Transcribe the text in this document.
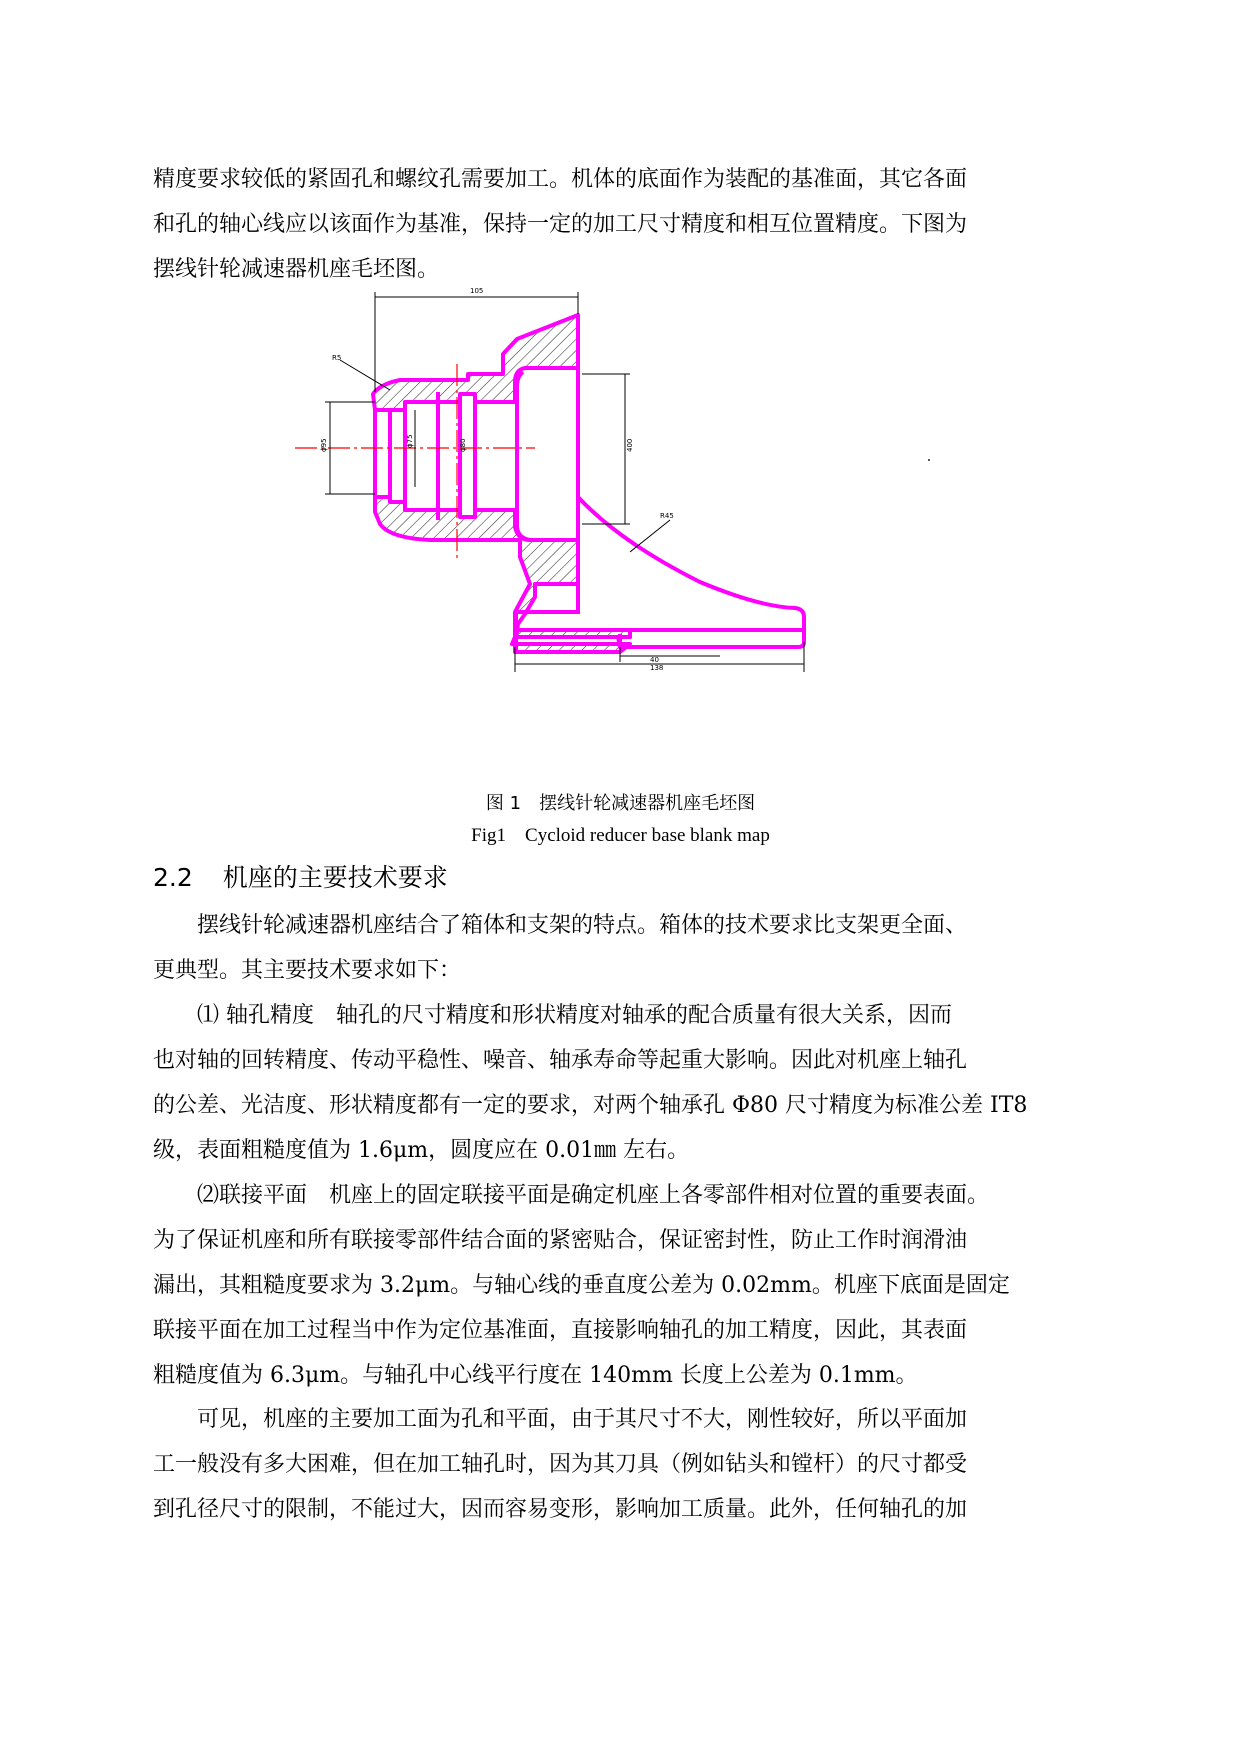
精度要求较低的紧固孔和螺纹孔需要加工。机体的底面作为装配的基准面，其它各面
和孔的轴心线应以该面作为基准，保持一定的加工尺寸精度和相互位置精度。下图为
摆线针轮减速器机座毛坯图。
105
40
138
400
ϕ80
ϕ95	ϕ75
R45
R5
图 1　摆线针轮减速器机座毛坯图
Fig1　Cycloid reducer base blank map
2.2 机座的主要技术要求
摆线针轮减速器机座结合了箱体和支架的特点。箱体的技术要求比支架更全面、
更典型。其主要技术要求如下：
⑴ 轴孔精度　轴孔的尺寸精度和形状精度对轴承的配合质量有很大关系，因而
也对轴的回转精度、传动平稳性、噪音、轴承寿命等起重大影响。因此对机座上轴孔
的公差、光洁度、形状精度都有一定的要求，对两个轴承孔 Φ80 尺寸精度为标准公差 IT8
级，表面粗糙度值为 1.6μm，圆度应在 0.01㎜ 左右。
⑵联接平面　机座上的固定联接平面是确定机座上各零部件相对位置的重要表面。
为了保证机座和所有联接零部件结合面的紧密贴合，保证密封性，防止工作时润滑油
漏出，其粗糙度要求为 3.2μm。与轴心线的垂直度公差为 0.02mm。机座下底面是固定
联接平面在加工过程当中作为定位基准面，直接影响轴孔的加工精度，因此，其表面
粗糙度值为 6.3μm。与轴孔中心线平行度在 140mm 长度上公差为 0.1mm。
可见，机座的主要加工面为孔和平面，由于其尺寸不大，刚性较好，所以平面加
工一般没有多大困难，但在加工轴孔时，因为其刀具（例如钻头和镗杆）的尺寸都受
到孔径尺寸的限制，不能过大，因而容易变形，影响加工质量。此外，任何轴孔的加
